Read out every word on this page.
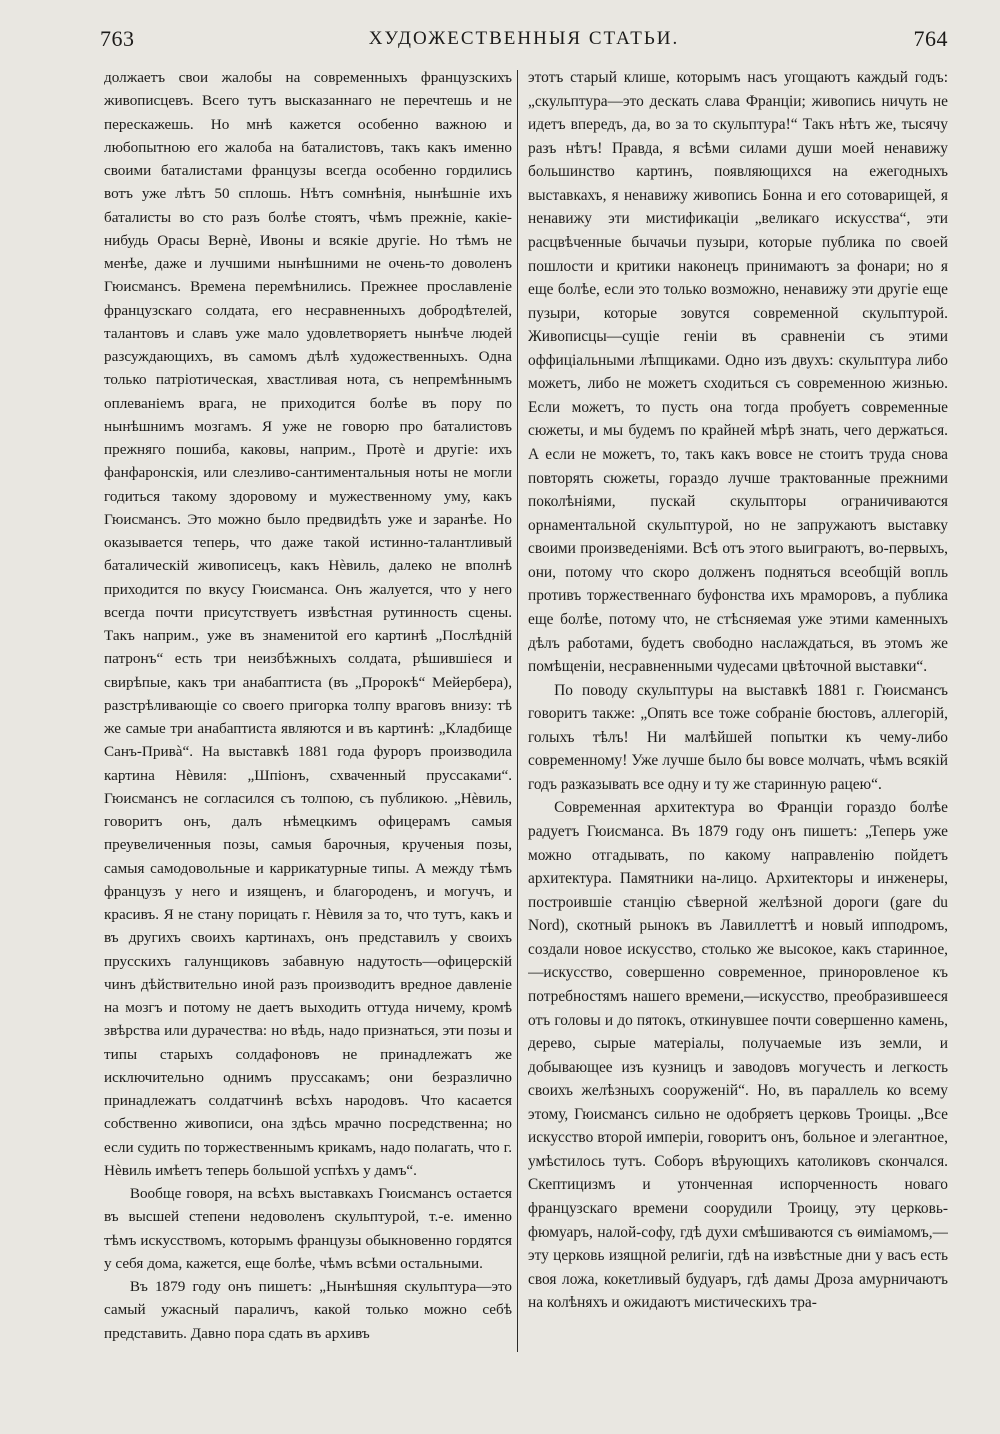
763	ХУДОЖЕСТВЕННЫЯ СТАТЬИ.	764

должаетъ свои жалобы на современныхъ французскихъ живописцевъ. Всего тутъ высказаннаго не перечтешь и не перескажешь. Но мнѣ кажется особенно важною и любопытною его жалоба на баталистовъ, такъ какъ именно своими баталистами французы всегда особенно гордились вотъ уже лѣтъ 50 сплошь. Нѣтъ сомнѣнія, нынѣшніе ихъ баталисты во сто разъ болѣе стоятъ, чѣмъ прежніе, какіе-нибудь Орасы Вернѐ, Ивоны и всякіе другіе. Но тѣмъ не менѣе, даже и лучшими нынѣшними не очень-то доволенъ Гюисмансъ. Времена перемѣнились. Прежнее прославленіе французскаго солдата, его несравненныхъ добродѣтелей, талантовъ и славъ уже мало удовлетворяетъ нынѣче людей разсуждающихъ, въ самомъ дѣлѣ художественныхъ. Одна только патріотическая, хвастливая нота, съ непремѣннымъ оплеваніемъ врага, не приходится болѣе въ пору по нынѣшнимъ мозгамъ. Я уже не говорю про баталистовъ прежняго пошиба, каковы, наприм., Протѐ и другіе: ихъ фанфаронскія, или слезливо-сантиментальныя ноты не могли годиться такому здоровому и мужественному уму, какъ Гюисмансъ. Это можно было предвидѣть уже и заранѣе. Но оказывается теперь, что даже такой истинно-талантливый баталическій живописецъ, какъ Нѐвиль, далеко не вполнѣ приходится по вкусу Гюисманса. Онъ жалуется, что у него всегда почти присутствуетъ извѣстная рутинность сцены. Такъ наприм., уже въ знаменитой его картинѣ „Послѣдній патронъ“ есть три неизбѣжныхъ солдата, рѣшившіеся и свирѣпые, какъ три анабаптиста (въ „Пророкѣ“ Мейербера), разстрѣливающіе со своего пригорка толпу враговъ внизу: тѣ же самые три анабаптиста являются и въ картинѣ: „Кладбище Санъ-Привà“. На выставкѣ 1881 года фуроръ производила картина Нѐвиля: „Шпіонъ, схваченный пруссаками“. Гюисмансъ не согласился съ толпою, съ публикою. „Нѐвиль, говоритъ онъ, далъ нѣмецкимъ офицерамъ самыя преувеличенныя позы, самыя барочныя, крученыя позы, самыя самодовольные и каррикатурные типы. А между тѣмъ французъ у него и изященъ, и благороденъ, и могучъ, и красивъ. Я не стану порицать г. Нѐвиля за то, что тутъ, какъ и въ другихъ своихъ картинахъ, онъ представилъ у своихъ прусскихъ галунщиковъ забавную надутость—офицерскій чинъ дѣйствительно иной разъ производитъ вредное давленіе на мозгъ и потому не даетъ выходить оттуда ничему, кромѣ звѣрства или дурачества: но вѣдь, надо признаться, эти позы и типы старыхъ солдафоновъ не принадлежатъ же исключительно однимъ пруссакамъ; они безразлично принадлежатъ солдатчинѣ всѣхъ народовъ. Что касается собственно живописи, она здѣсь мрачно посредственна; но если судить по торжественнымъ крикамъ, надо полагать, что г. Нѐвиль имѣетъ теперь большой успѣхъ у дамъ“.

Вообще говоря, на всѣхъ выставкахъ Гюисмансъ остается въ высшей степени недоволенъ скульптурой, т.-е. именно тѣмъ искусствомъ, которымъ французы обыкновенно гордятся у себя дома, кажется, еще болѣе, чѣмъ всѣми остальными.

Въ 1879 году онъ пишетъ: „Нынѣшняя скульптура—это самый ужасный параличъ, какой только можно себѣ представить. Давно пора сдать въ архивъ

этотъ старый клише, которымъ насъ угощаютъ каждый годъ: „скульптура—это дескать слава Франціи; живопись ничуть не идетъ впередъ, да, во за то скульптура!“ Такъ нѣтъ же, тысячу разъ нѣтъ! Правда, я всѣми силами души моей ненавижу большинство картинъ, появляющихся на ежегодныхъ выставкахъ, я ненавижу живопись Бонна и его сотоварищей, я ненавижу эти мистификаціи „великаго искусства“, эти расцвѣченные бычачьи пузыри, которые публика по своей пошлости и критики наконецъ принимаютъ за фонари; но я еще болѣе, если это только возможно, ненавижу эти другіе еще пузыри, которые зовутся современной скульптурой. Живописцы—сущіе геніи въ сравненіи съ этими оффиціальными лѣпщиками. Одно изъ двухъ: скульптура либо можетъ, либо не можетъ сходиться съ современною жизнью. Если можетъ, то пусть она тогда пробуетъ современные сюжеты, и мы будемъ по крайней мѣрѣ знать, чего держаться. А если не можетъ, то, такъ какъ вовсе не стоитъ труда снова повторять сюжеты, гораздо лучше трактованные прежними поколѣніями, пускай скульпторы ограничиваются орнаментальной скульптурой, но не запружаютъ выставку своими произведеніями. Всѣ отъ этого выиграютъ, во-первыхъ, они, потому что скоро долженъ подняться всеобщій вопль противъ торжественнаго буфонства ихъ мраморовъ, а публика еще болѣе, потому что, не стѣсняемая уже этими каменныхъ дѣлъ работами, будетъ свободно наслаждаться, въ этомъ же помѣщеніи, несравненными чудесами цвѣточной выставки“.

По поводу скульптуры на выставкѣ 1881 г. Гюисмансъ говоритъ также: „Опять все тоже собраніе бюстовъ, аллегорій, голыхъ тѣлъ! Ни малѣйшей попытки къ чему-либо современному! Уже лучше было бы вовсе молчать, чѣмъ всякій годъ разказывать все одну и ту же старинную рацею“.

Современная архитектура во Франціи гораздо болѣе радуетъ Гюисманса. Въ 1879 году онъ пишетъ: „Теперь уже можно отгадывать, по какому направленію пойдетъ архитектура. Памятники на-лицо. Архитекторы и инженеры, построившіе станцію сѣверной желѣзной дороги (gare du Nord), скотный рынокъ въ Лавиллеттѣ и новый ипподромъ, создали новое искусство, столько же высокое, какъ старинное,—искусство, совершенно современное, приноровленое къ потребностямъ нашего времени,—искусство, преобразившееся отъ головы и до пятокъ, откинувшее почти совершенно камень, дерево, сырые матеріалы, получаемые изъ земли, и добывающее изъ кузницъ и заводовъ могучесть и легкость своихъ желѣзныхъ сооруженій“. Но, въ параллель ко всему этому, Гюисмансъ сильно не одобряетъ церковь Троицы. „Все искусство второй имперіи, говоритъ онъ, больное и элегантное, умѣстилось тутъ. Соборъ вѣрующихъ католиковъ скончался. Скептицизмъ и утонченная испорченность новаго французскаго времени соорудили Троицу, эту церковь-фюмуаръ, налой-софу, гдѣ духи смѣшиваются съ ѳиміамомъ,—эту церковь изящной религіи, гдѣ на извѣстные дни у васъ есть своя ложа, кокетливый будуаръ, гдѣ дамы Дроза амурничаютъ на колѣняхъ и ожидаютъ мистическихъ тра-
